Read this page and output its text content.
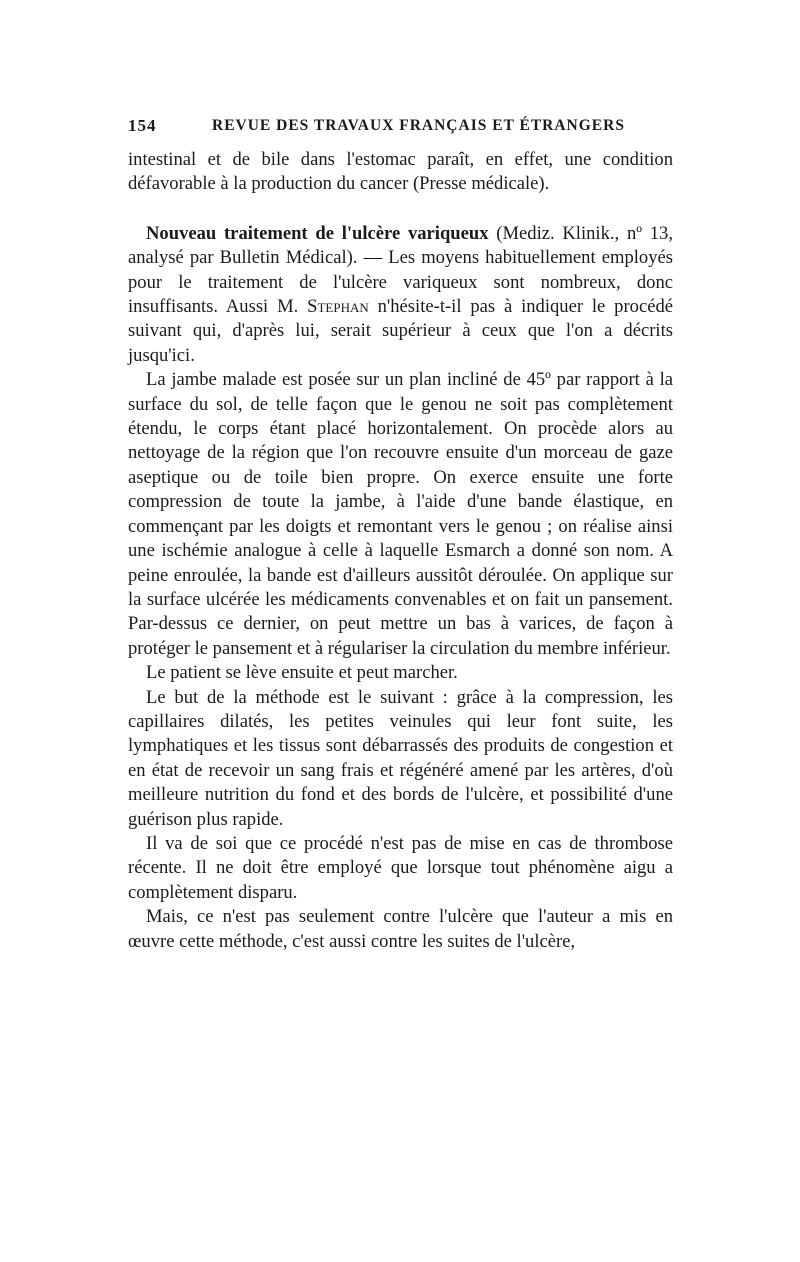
154	REVUE DES TRAVAUX FRANÇAIS ET ÉTRANGERS

intestinal et de bile dans l'estomac paraît, en effet, une condition défavorable à la production du cancer (Presse médicale).

Nouveau traitement de l'ulcère variqueux (Mediz. Klinik., nº 13, analysé par Bulletin Médical). — Les moyens habituellement employés pour le traitement de l'ulcère variqueux sont nombreux, donc insuffisants. Aussi M. Stephan n'hésite-t-il pas à indiquer le procédé suivant qui, d'après lui, serait supérieur à ceux que l'on a décrits jusqu'ici.

La jambe malade est posée sur un plan incliné de 45º par rapport à la surface du sol, de telle façon que le genou ne soit pas complètement étendu, le corps étant placé horizontalement. On procède alors au nettoyage de la région que l'on recouvre ensuite d'un morceau de gaze aseptique ou de toile bien propre. On exerce ensuite une forte compression de toute la jambe, à l'aide d'une bande élastique, en commençant par les doigts et remontant vers le genou ; on réalise ainsi une ischémie analogue à celle à laquelle Esmarch a donné son nom. A peine enroulée, la bande est d'ailleurs aussitôt déroulée. On applique sur la surface ulcérée les médicaments convenables et on fait un pansement. Par-dessus ce dernier, on peut mettre un bas à varices, de façon à protéger le pansement et à régulariser la circulation du membre inférieur.

Le patient se lève ensuite et peut marcher.

Le but de la méthode est le suivant : grâce à la compression, les capillaires dilatés, les petites veinules qui leur font suite, les lymphatiques et les tissus sont débarrassés des produits de congestion et en état de recevoir un sang frais et régénéré amené par les artères, d'où meilleure nutrition du fond et des bords de l'ulcère, et possibilité d'une guérison plus rapide.

Il va de soi que ce procédé n'est pas de mise en cas de thrombose récente. Il ne doit être employé que lorsque tout phénomène aigu a complètement disparu.

Mais, ce n'est pas seulement contre l'ulcère que l'auteur a mis en œuvre cette méthode, c'est aussi contre les suites de l'ulcère,
